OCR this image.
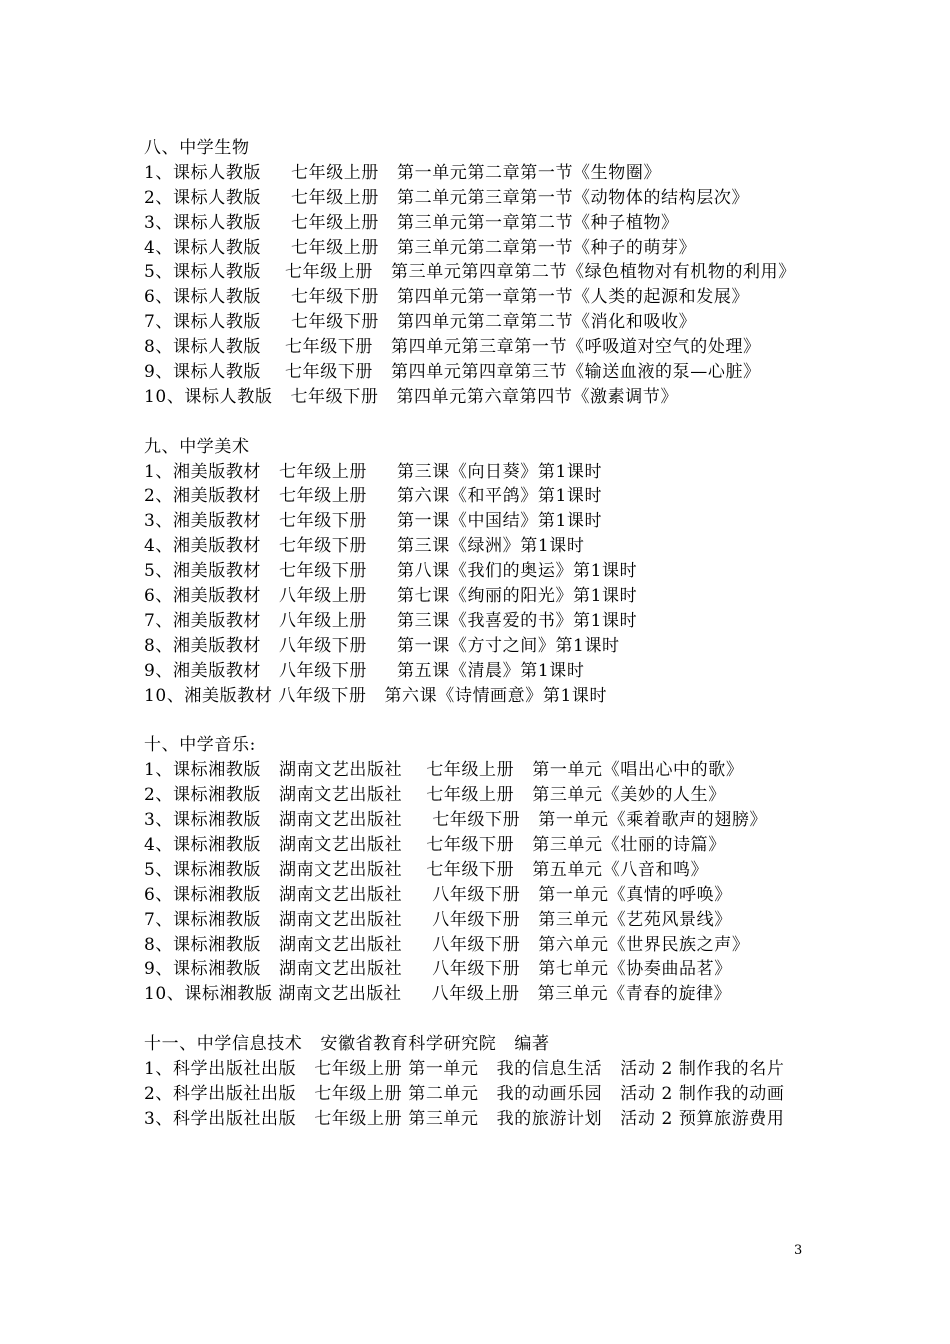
八、中学生物
1、课标人教版     七年级上册   第一单元第二章第一节《生物圈》
2、课标人教版     七年级上册   第二单元第三章第一节《动物体的结构层次》
3、课标人教版     七年级上册   第三单元第一章第二节《种子植物》
4、课标人教版     七年级上册   第三单元第二章第一节《种子的萌芽》
5、课标人教版    七年级上册   第三单元第四章第二节《绿色植物对有机物的利用》
6、课标人教版     七年级下册   第四单元第一章第一节《人类的起源和发展》
7、课标人教版     七年级下册   第四单元第二章第二节《消化和吸收》
8、课标人教版    七年级下册   第四单元第三章第一节《呼吸道对空气的处理》
9、课标人教版    七年级下册   第四单元第四章第三节《输送血液的泵—心脏》
10、课标人教版   七年级下册   第四单元第六章第四节《激素调节》
九、中学美术
1、湘美版教材   七年级上册     第三课《向日葵》第1课时
2、湘美版教材   七年级上册     第六课《和平鸽》第1课时
3、湘美版教材   七年级下册     第一课《中国结》第1课时
4、湘美版教材   七年级下册     第三课《绿洲》第1课时
5、湘美版教材   七年级下册     第八课《我们的奥运》第1课时
6、湘美版教材   八年级上册     第七课《绚丽的阳光》第1课时
7、湘美版教材   八年级上册     第三课《我喜爱的书》第1课时
8、湘美版教材   八年级下册     第一课《方寸之间》第1课时
9、湘美版教材   八年级下册     第五课《清晨》第1课时
10、湘美版教材 八年级下册   第六课《诗情画意》第1课时
十、中学音乐:
1、课标湘教版   湖南文艺出版社    七年级上册   第一单元《唱出心中的歌》
2、课标湘教版   湖南文艺出版社    七年级上册   第三单元《美妙的人生》
3、课标湘教版   湖南文艺出版社     七年级下册   第一单元《乘着歌声的翅膀》
4、课标湘教版   湖南文艺出版社    七年级下册   第三单元《壮丽的诗篇》
5、课标湘教版   湖南文艺出版社    七年级下册   第五单元《八音和鸣》
6、课标湘教版   湖南文艺出版社     八年级下册   第一单元《真情的呼唤》
7、课标湘教版   湖南文艺出版社     八年级下册   第三单元《艺苑风景线》
8、课标湘教版   湖南文艺出版社     八年级下册   第六单元《世界民族之声》
9、课标湘教版   湖南文艺出版社     八年级下册   第七单元《协奏曲品茗》
10、课标湘教版 湖南文艺出版社     八年级上册   第三单元《青春的旋律》
十一、中学信息技术   安徽省教育科学研究院   编著
1、科学出版社出版   七年级上册 第一单元   我的信息生活   活动 2 制作我的名片
2、科学出版社出版   七年级上册 第二单元   我的动画乐园   活动 2 制作我的动画
3、科学出版社出版   七年级上册 第三单元   我的旅游计划   活动 2 预算旅游费用
3
